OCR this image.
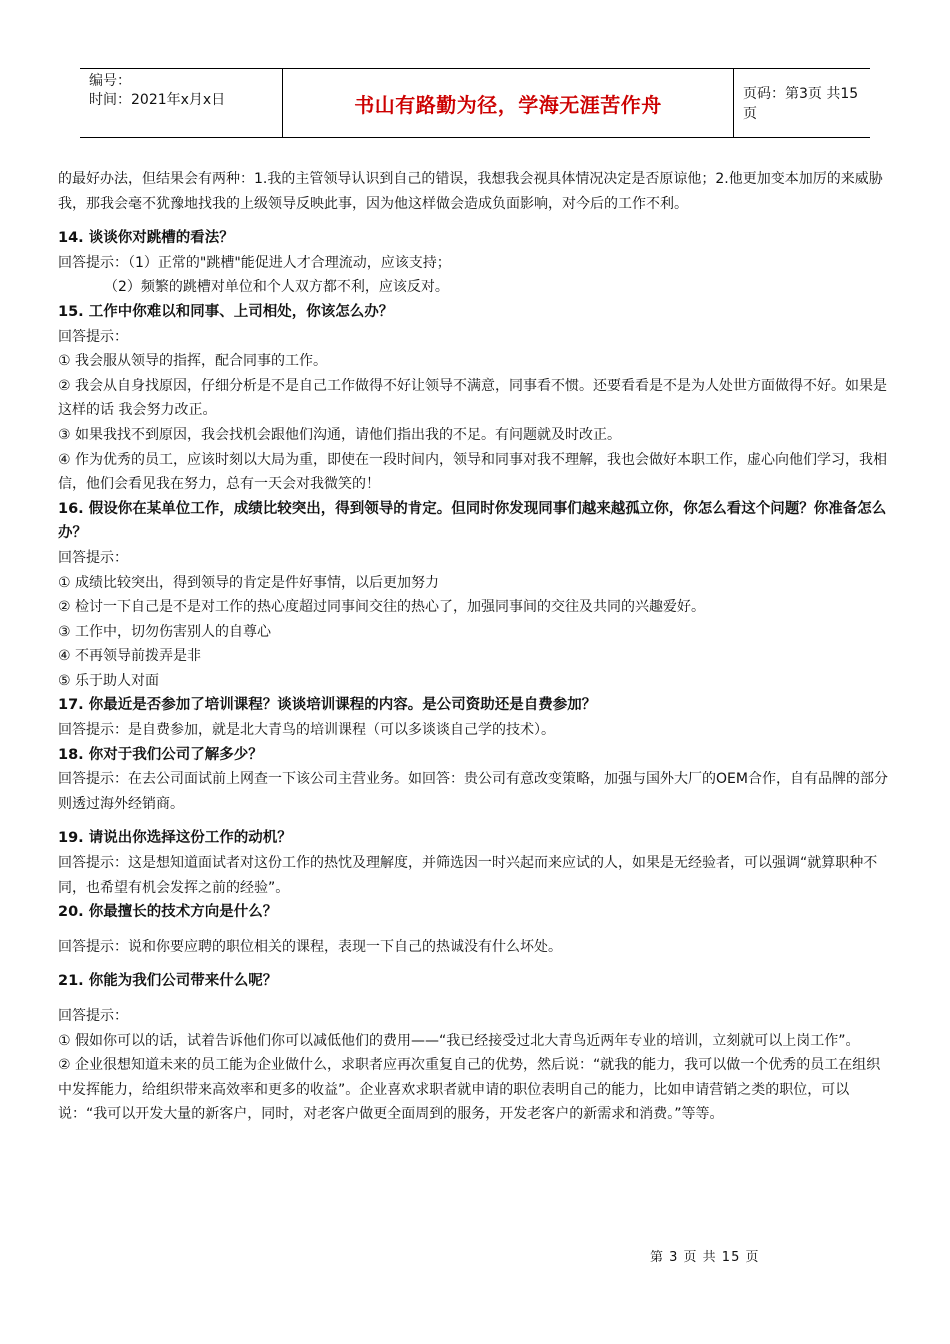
编号：
时间：2021年x月x日	书山有路勤为径，学海无涯苦作舟	页码：第3页 共15页

的最好办法，但结果会有两种：1.我的主管领导认识到自己的错误，我想我会视具体情况决定是否原谅他；2.他更加变本加厉的来威胁我，那我会毫不犹豫地找我的上级领导反映此事，因为他这样做会造成负面影响，对今后的工作不利。

14. 谈谈你对跳槽的看法？

回答提示：（1）正常的"跳槽"能促进人才合理流动，应该支持；

（2）频繁的跳槽对单位和个人双方都不利，应该反对。

15. 工作中你难以和同事、上司相处，你该怎么办？

回答提示：

① 我会服从领导的指挥，配合同事的工作。

② 我会从自身找原因，仔细分析是不是自己工作做得不好让领导不满意，同事看不惯。还要看看是不是为人处世方面做得不好。如果是这样的话 我会努力改正。

③ 如果我找不到原因，我会找机会跟他们沟通，请他们指出我的不足。有问题就及时改正。

④ 作为优秀的员工，应该时刻以大局为重，即使在一段时间内，领导和同事对我不理解，我也会做好本职工作，虚心向他们学习，我相信，他们会看见我在努力，总有一天会对我微笑的！

16. 假设你在某单位工作，成绩比较突出，得到领导的肯定。但同时你发现同事们越来越孤立你，你怎么看这个问题？你准备怎么办？

回答提示：

① 成绩比较突出，得到领导的肯定是件好事情，以后更加努力

② 检讨一下自己是不是对工作的热心度超过同事间交往的热心了，加强同事间的交往及共同的兴趣爱好。

③ 工作中，切勿伤害别人的自尊心

④ 不再领导前拨弄是非

⑤ 乐于助人对面

17. 你最近是否参加了培训课程？谈谈培训课程的内容。是公司资助还是自费参加？

回答提示：是自费参加，就是北大青鸟的培训课程（可以多谈谈自己学的技术）。

18. 你对于我们公司了解多少？

回答提示：在去公司面试前上网查一下该公司主营业务。如回答：贵公司有意改变策略，加强与国外大厂的OEM合作，自有品牌的部分则透过海外经销商。

19. 请说出你选择这份工作的动机？

回答提示：这是想知道面试者对这份工作的热忱及理解度，并筛选因一时兴起而来应试的人，如果是无经验者，可以强调“就算职种不同，也希望有机会发挥之前的经验”。

20. 你最擅长的技术方向是什么？

回答提示：说和你要应聘的职位相关的课程，表现一下自己的热诚没有什么坏处。

21. 你能为我们公司带来什么呢？

回答提示：

① 假如你可以的话，试着告诉他们你可以减低他们的费用——“我已经接受过北大青鸟近两年专业的培训，立刻就可以上岗工作”。

② 企业很想知道未来的员工能为企业做什么，求职者应再次重复自己的优势，然后说：“就我的能力，我可以做一个优秀的员工在组织中发挥能力，给组织带来高效率和更多的收益”。企业喜欢求职者就申请的职位表明自己的能力，比如申请营销之类的职位，可以说：“我可以开发大量的新客户，同时，对老客户做更全面周到的服务，开发老客户的新需求和消费。”等等。

第 3 页 共 15 页
